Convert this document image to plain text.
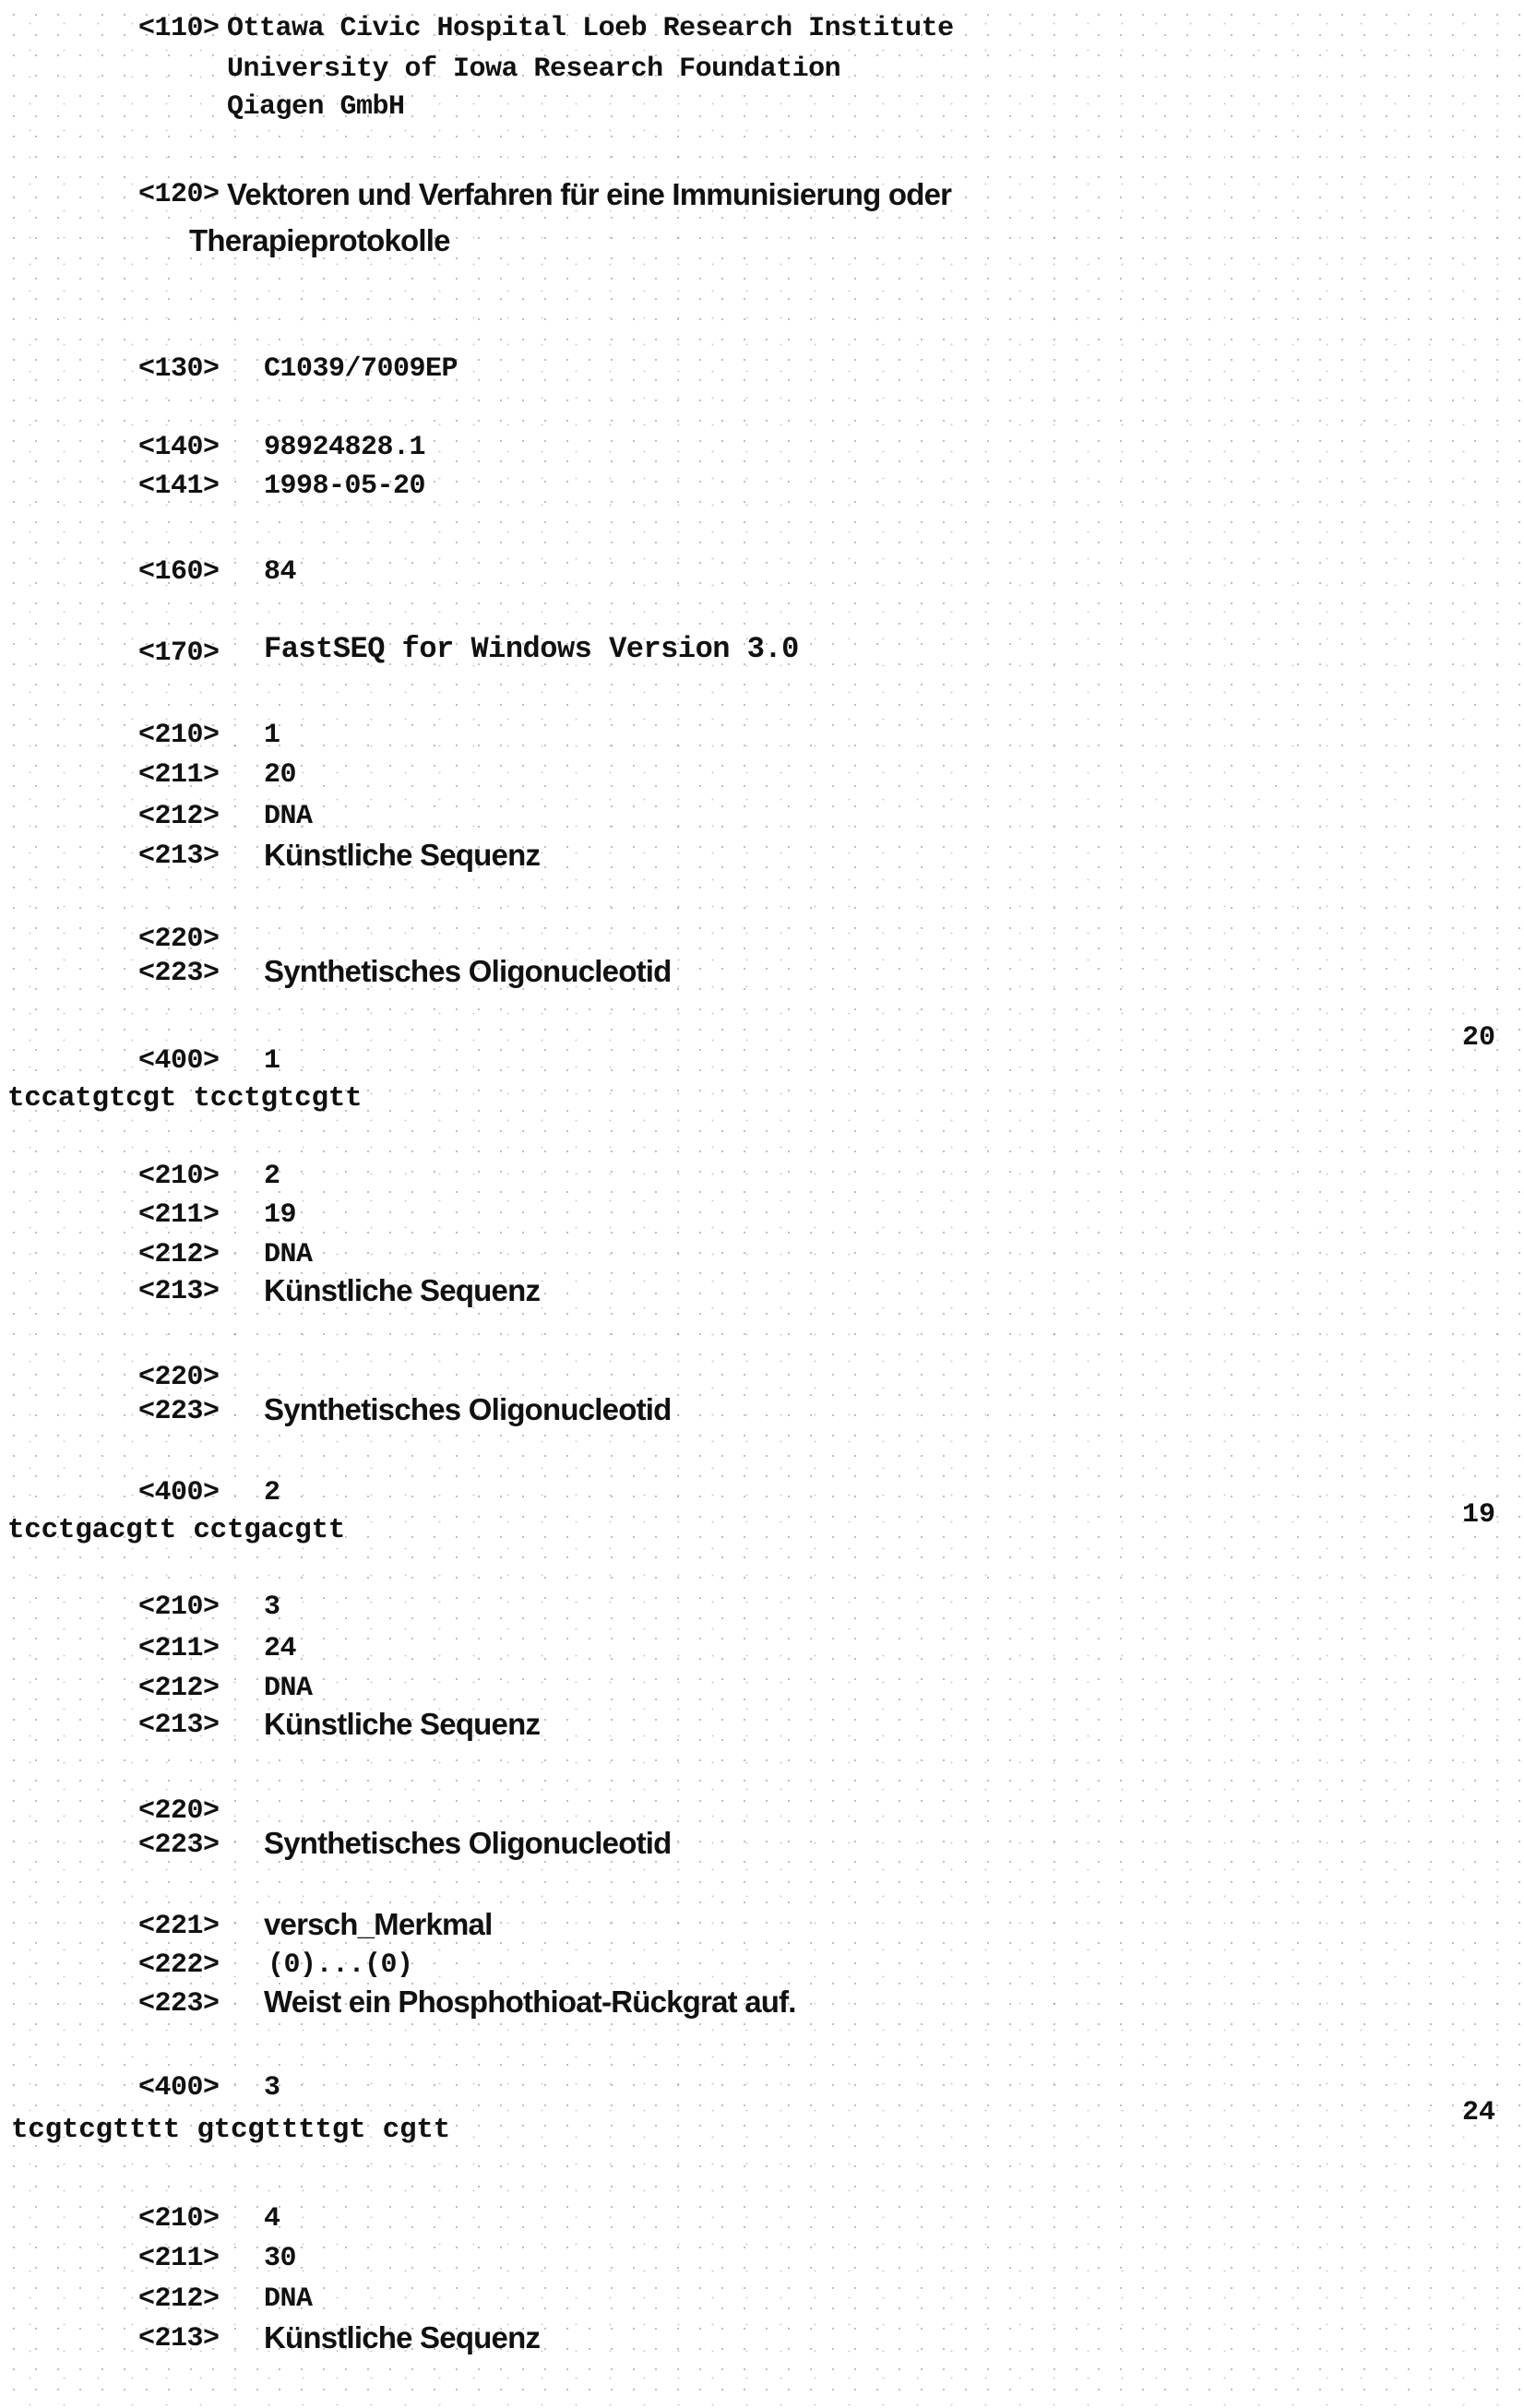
<110> Ottawa Civic Hospital Loeb Research Institute
University of Iowa Research Foundation
Qiagen GmbH
<120> Vektoren und Verfahren für eine Immunisierung oder
Therapieprotokolle
<130> C1039/7009EP
<140> 98924828.1
<141> 1998-05-20
<160> 84
<170> FastSEQ for Windows Version 3.0
<210> 1
<211> 20
<212> DNA
<213> Künstliche Sequenz
<220>
<223> Synthetisches Oligonucleotid
<400> 1
tccatgtcgt tcctgtcgtt
20
<210> 2
<211> 19
<212> DNA
<213> Künstliche Sequenz
<220>
<223> Synthetisches Oligonucleotid
<400> 2
tcctgacgtt cctgacgtt	19
<210> 3
<211> 24
<212> DNA
<213> Künstliche Sequenz
<220>
<223> Synthetisches Oligonucleotid
<221> versch_Merkmal
<222> (0)...(0)
<223> Weist ein Phosphothioat-Rückgrat auf.
<400> 3
tcgtcgtttt gtcgttttgt cgtt
24
<210> 4
<211> 30
<212> DNA
<213> Künstliche Sequenz
